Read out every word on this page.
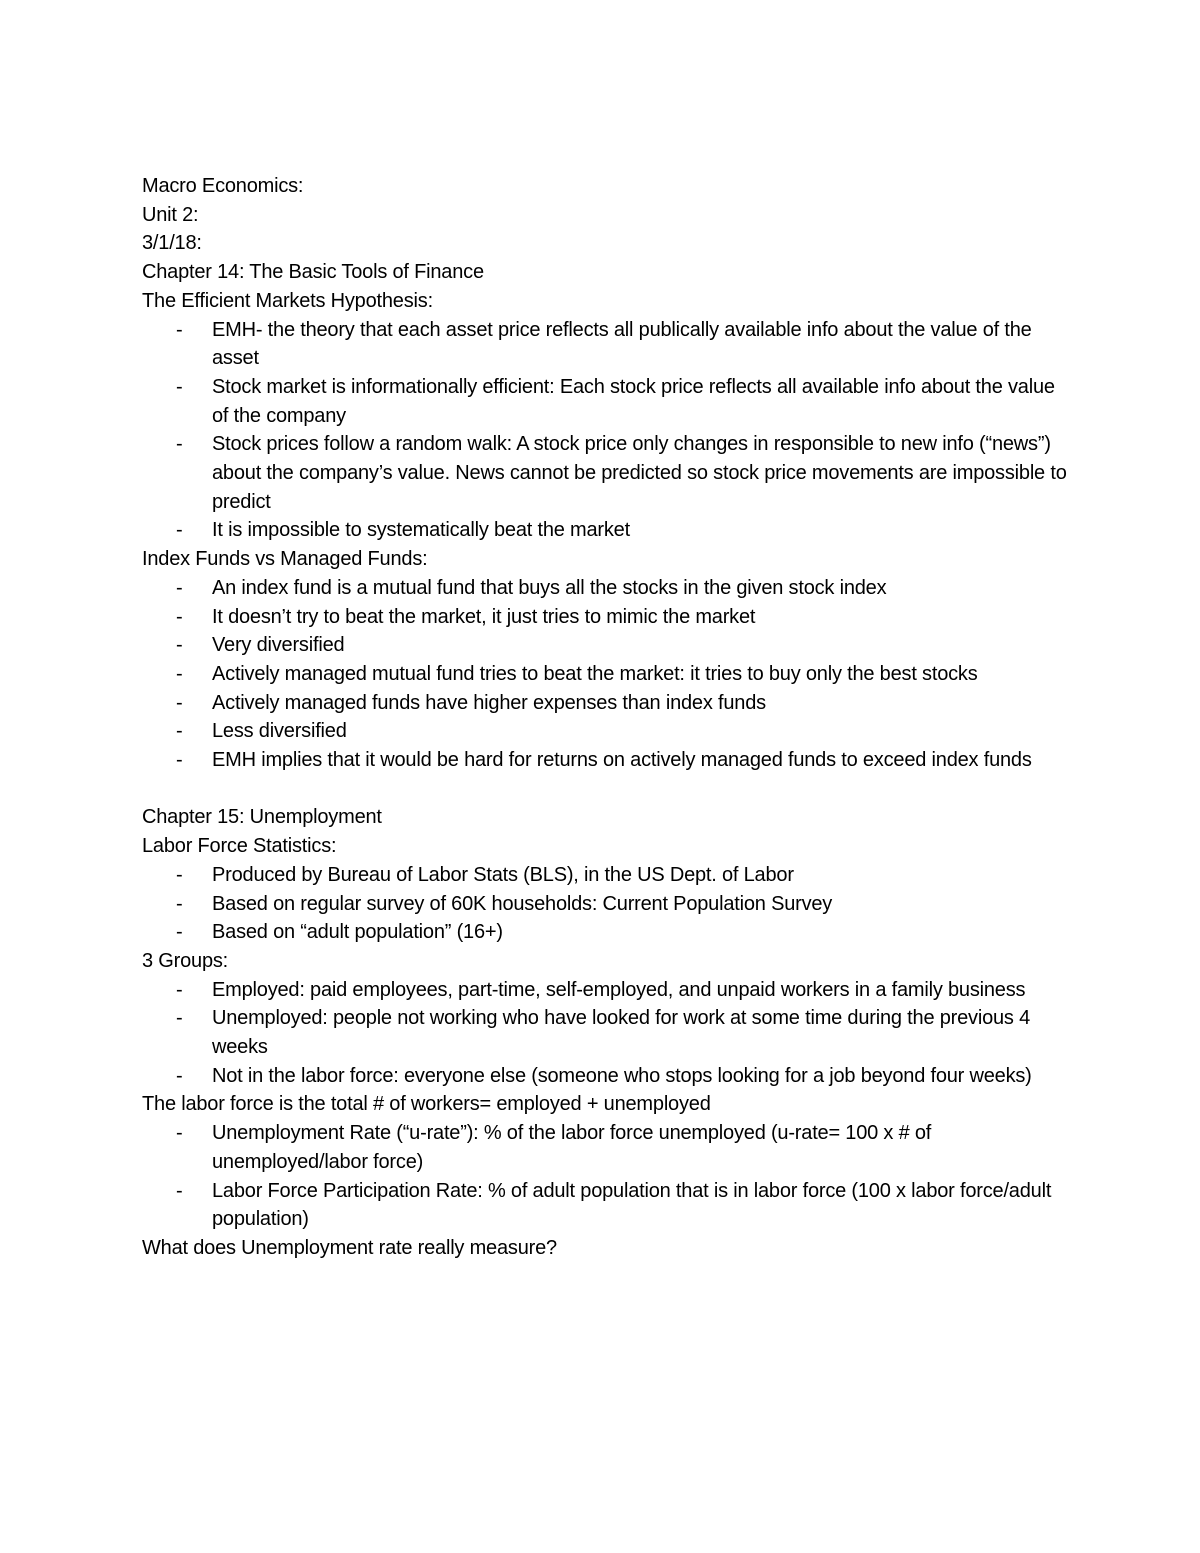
Macro Economics:

Unit 2:

3/1/18:

Chapter 14: The Basic Tools of Finance

The Efficient Markets Hypothesis:

- EMH- the theory that each asset price reflects all publically available info about the value of the asset
- Stock market is informationally efficient: Each stock price reflects all available info about the value of the company
- Stock prices follow a random walk: A stock price only changes in responsible to new info (“news”) about the company’s value. News cannot be predicted so stock price movements are impossible to predict
- It is impossible to systematically beat the market

Index Funds vs Managed Funds:

- An index fund is a mutual fund that buys all the stocks in the given stock index
- It doesn’t try to beat the market, it just tries to mimic the market
- Very diversified
- Actively managed mutual fund tries to beat the market: it tries to buy only the best stocks
- Actively managed funds have higher expenses than index funds
- Less diversified
- EMH implies that it would be hard for returns on actively managed funds to exceed index funds

Chapter 15: Unemployment

Labor Force Statistics:

- Produced by Bureau of Labor Stats (BLS), in the US Dept. of Labor
- Based on regular survey of 60K households: Current Population Survey
- Based on “adult population” (16+)

3 Groups:

- Employed: paid employees, part-time, self-employed, and unpaid workers in a family business
- Unemployed: people not working who have looked for work at some time during the previous 4 weeks
- Not in the labor force: everyone else (someone who stops looking for a job beyond four weeks)

The labor force is the total # of workers= employed + unemployed

- Unemployment Rate (“u-rate”): % of the labor force unemployed (u-rate= 100 x # of unemployed/labor force)
- Labor Force Participation Rate: % of adult population that is in labor force (100 x labor force/adult population)

What does Unemployment rate really measure?
